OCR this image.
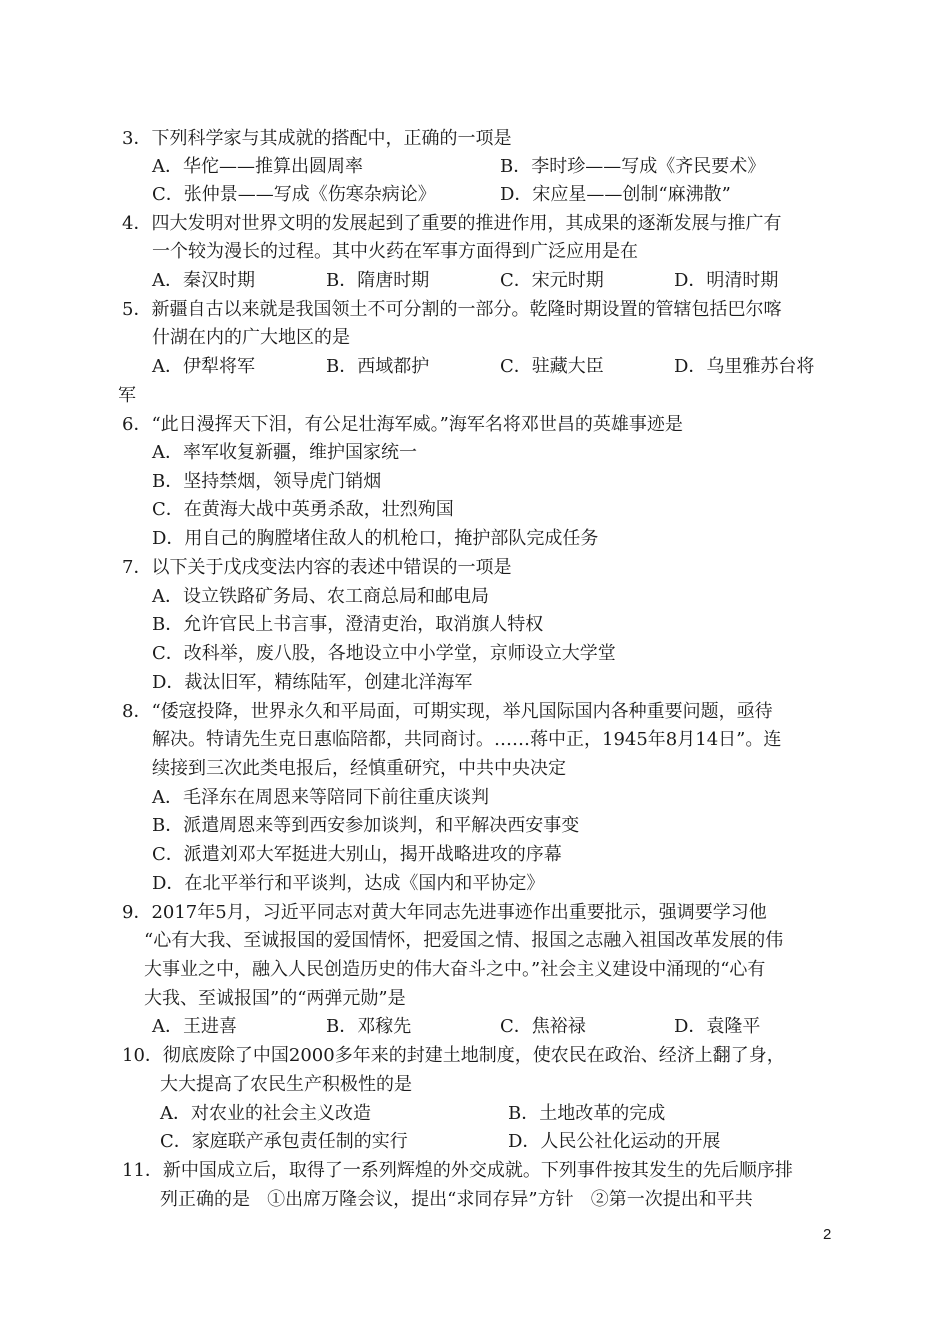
3．下列科学家与其成就的搭配中，正确的一项是
A．华佗——推算出圆周率	B．李时珍——写成《齐民要术》
C．张仲景——写成《伤寒杂病论》	D．宋应星——创制“麻沸散”
4．四大发明对世界文明的发展起到了重要的推进作用，其成果的逐渐发展与推广有
一个较为漫长的过程。其中火药在军事方面得到广泛应用是在
A．秦汉时期	B．隋唐时期	C．宋元时期	D．明清时期
5．新疆自古以来就是我国领土不可分割的一部分。乾隆时期设置的管辖包括巴尔喀
什湖在内的广大地区的是
A．伊犁将军	B．西域都护	C．驻藏大臣	D．乌里雅苏台将
军
6．“此日漫挥天下泪，有公足壮海军威。”海军名将邓世昌的英雄事迹是
A．率军收复新疆，维护国家统一
B．坚持禁烟，领导虎门销烟
C．在黄海大战中英勇杀敌，壮烈殉国
D．用自己的胸膛堵住敌人的机枪口，掩护部队完成任务
7．以下关于戊戌变法内容的表述中错误的一项是
A．设立铁路矿务局、农工商总局和邮电局
B．允许官民上书言事，澄清吏治，取消旗人特权
C．改科举，废八股，各地设立中小学堂，京师设立大学堂
D．裁汰旧军，精练陆军，创建北洋海军
8．“倭寇投降，世界永久和平局面，可期实现，举凡国际国内各种重要问题，亟待
解决。特请先生克日惠临陪都，共同商讨。……蒋中正，1945年8月14日”。连
续接到三次此类电报后，经慎重研究，中共中央决定
A．毛泽东在周恩来等陪同下前往重庆谈判
B．派遣周恩来等到西安参加谈判，和平解决西安事变
C．派遣刘邓大军挺进大别山，揭开战略进攻的序幕
D．在北平举行和平谈判，达成《国内和平协定》
9．2017年5月，习近平同志对黄大年同志先进事迹作出重要批示，强调要学习他
“心有大我、至诚报国的爱国情怀，把爱国之情、报国之志融入祖国改革发展的伟
大事业之中，融入人民创造历史的伟大奋斗之中。”社会主义建设中涌现的“心有
大我、至诚报国”的“两弹元勋”是
A．王进喜	B．邓稼先	C．焦裕禄	D．袁隆平
10．彻底废除了中国2000多年来的封建土地制度，使农民在政治、经济上翻了身，
大大提高了农民生产积极性的是
A．对农业的社会主义改造	B．土地改革的完成
C．家庭联产承包责任制的实行	D．人民公社化运动的开展
11．新中国成立后，取得了一系列辉煌的外交成就。下列事件按其发生的先后顺序排
列正确的是   ①出席万隆会议，提出“求同存异”方针   ②第一次提出和平共
2
